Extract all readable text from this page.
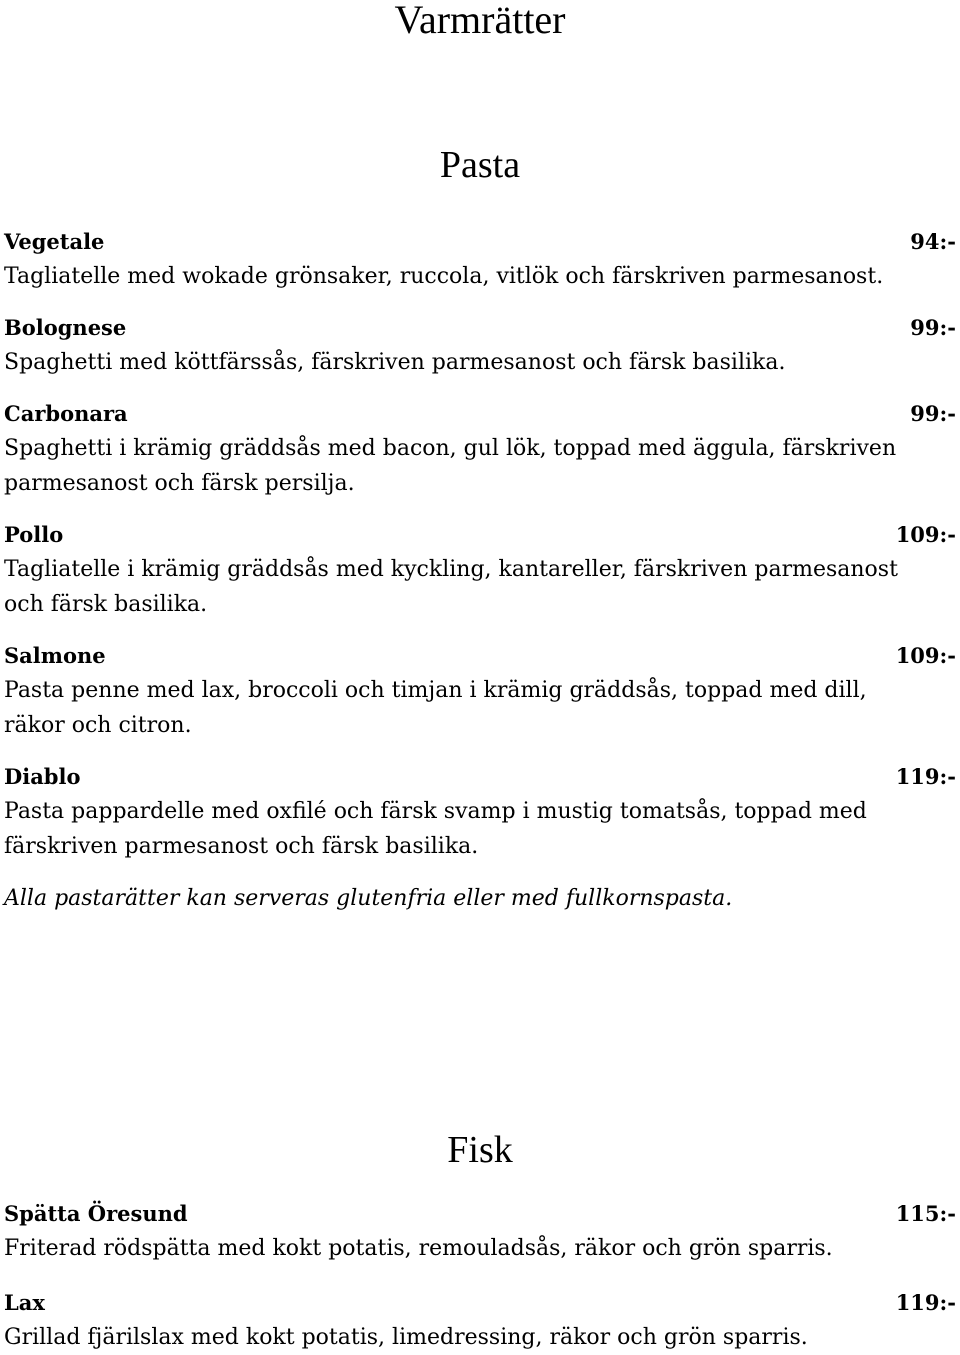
Varmrätter
Pasta
Vegetale	94:-
Tagliatelle med wokade grönsaker, ruccola, vitlök och färskriven parmesanost.
Bolognese	99:-
Spaghetti med köttfärssås, färskriven parmesanost och färsk basilika.
Carbonara	99:-
Spaghetti i krämig gräddsås med bacon, gul lök, toppad med äggula, färskriven parmesanost och färsk persilja.
Pollo	109:-
Tagliatelle i krämig gräddsås med kyckling, kantareller, färskriven parmesanost och färsk basilika.
Salmone	109:-
Pasta penne med lax, broccoli och timjan i krämig gräddsås, toppad med dill, räkor och citron.
Diablo	119:-
Pasta pappardelle med oxfilé och färsk svamp i mustig tomatsås, toppad med färskriven parmesanost och färsk basilika.
Alla pastarätter kan serveras glutenfria eller med fullkornspasta.
Fisk
Spätta Öresund	115:-
Friterad rödspätta med kokt potatis, remouladsås, räkor och grön sparris.
Lax	119:-
Grillad fjärilslax med kokt potatis, limedressing, räkor och grön sparris.
